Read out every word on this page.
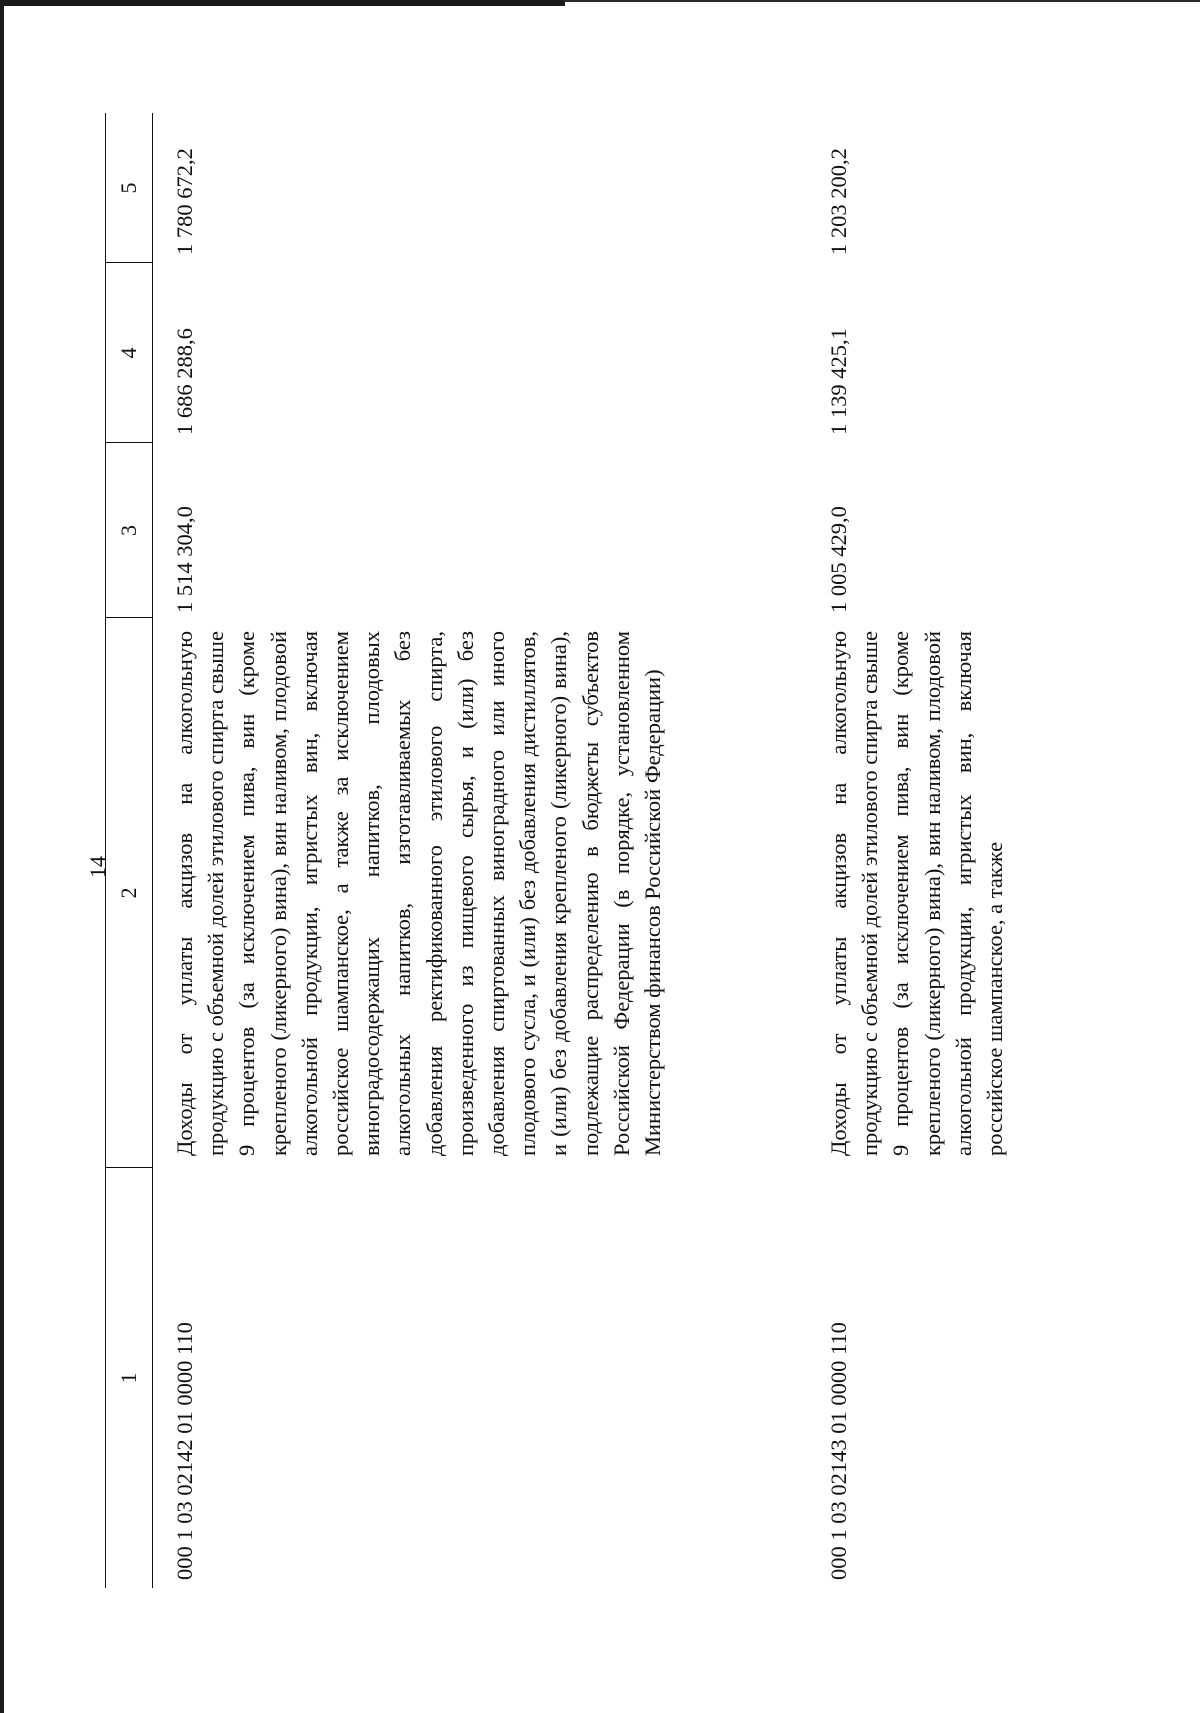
14
1
2
3
4
5
000 1 03 02142 01 0000 110
Доходы от уплаты акцизов на алкогольную продукцию с объемной долей этилового спирта свыше 9 процентов (за исключением пива, вин (кроме крепленого (ликерного) вина), вин наливом, плодовой алкогольной продукции, игристых вин, включая российское шампанское, а также за исключением виноградосодержащих напитков, плодовых алкогольных напитков, изготавливаемых без добавления ректификованного этилового спирта, произведенного из пищевого сырья, и (или) без добавления спиртованных виноградного или иного плодового сусла, и (или) без добавления дистиллятов, и (или) без добавления крепленого (ликерного) вина), подлежащие распределению в бюджеты субъектов Российской Федерации (в порядке, установленном Министерством финансов Российской Федерации)
1 514 304,0
1 686 288,6
1 780 672,2
000 1 03 02143 01 0000 110
Доходы от уплаты акцизов на алкогольную продукцию с объемной долей этилового спирта свыше 9 процентов (за исключением пива, вин (кроме крепленого (ликерного) вина), вин наливом, плодовой алкогольной продукции, игристых вин, включая российское шампанское, а также
1 005 429,0
1 139 425,1
1 203 200,2
